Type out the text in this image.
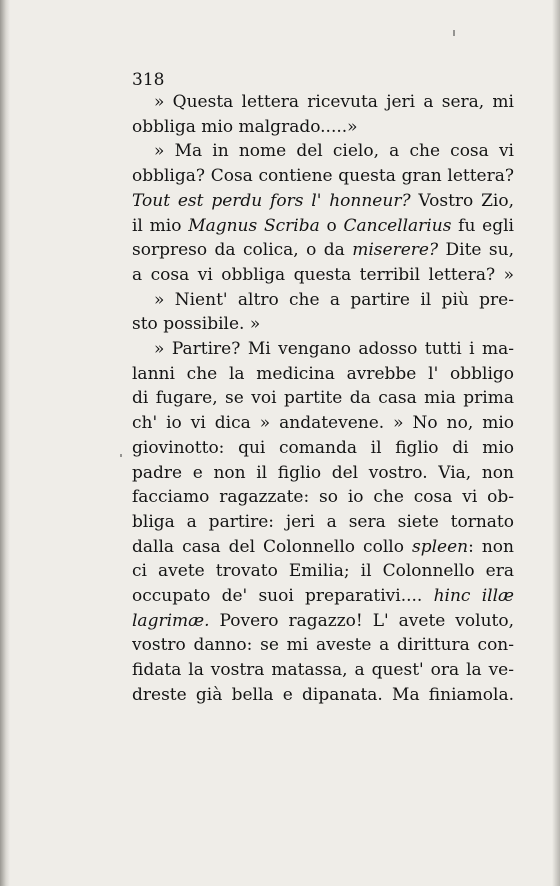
318
» Questa lettera ricevuta jeri a sera, mi
obbliga mio malgrado.....»
» Ma in nome del cielo, a che cosa vi
obbliga? Cosa contiene questa gran lettera?
Tout est perdu fors l' honneur? Vostro Zio,
il mio Magnus Scriba o Cancellarius fu egli
sorpreso da colica, o da miserere? Dite su,
a cosa vi obbliga questa terribil lettera? »
» Nient' altro che a partire il più pre-
sto possibile. »
» Partire? Mi vengano adosso tutti i ma-
lanni che la medicina avrebbe l' obbligo
di fugare, se voi partite da casa mia prima
ch' io vi dica » andatevene. » No no, mio
giovinotto: qui comanda il figlio di mio
padre e non il figlio del vostro. Via, non
facciamo ragazzate: so io che cosa vi ob-
bliga a partire: jeri a sera siete tornato
dalla casa del Colonnello collo spleen: non
ci avete trovato Emilia; il Colonnello era
occupato de' suoi preparativi.... hinc illæ
lagrimæ. Povero ragazzo! L' avete voluto,
vostro danno: se mi aveste a dirittura con-
fidata la vostra matassa, a quest' ora la ve-
dreste già bella e dipanata. Ma finiamola.
